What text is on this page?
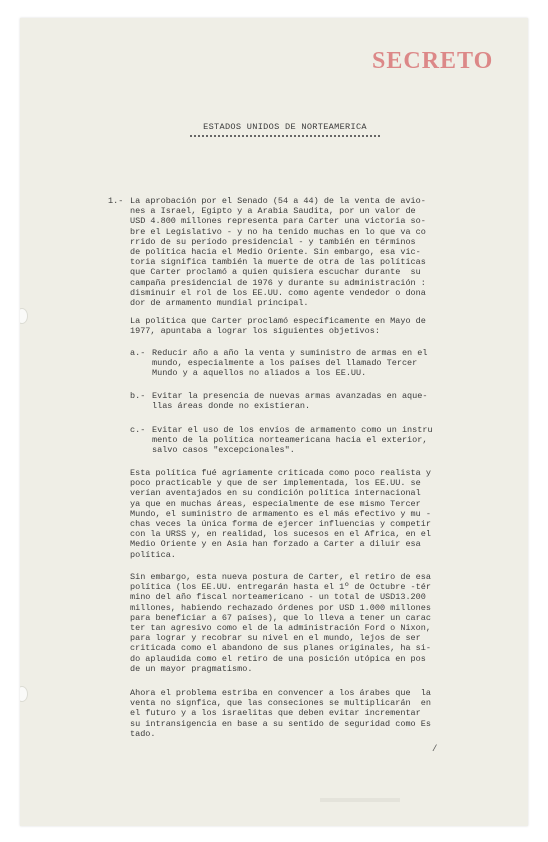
SECRETO
ESTADOS UNIDOS DE NORTEAMERICA
1.- La aprobación por el Senado (54 a 44) de la venta de avio-
nes a Israel, Egipto y a Arabia Saudita, por un valor de
USD 4.800 millones representa para Carter una victoria so-
bre el Legislativo - y no ha tenido muchas en lo que va co
rrido de su período presidencial - y también en términos
de política hacia el Medio Oriente. Sin embargo, esa vic-
toria significa también la muerte de otra de las políticas
que Carter proclamó a quien quisiera escuchar durante  su
campaña presidencial de 1976 y durante su administración :
disminuir el rol de los EE.UU. como agente vendedor o dona
dor de armamento mundial principal.
La política que Carter proclamó específicamente en Mayo de
1977, apuntaba a lograr los siguientes objetivos:
a.- Reducir año a año la venta y suministro de armas en el
mundo, especialmente a los países del llamado Tercer
Mundo y a aquellos no aliados a los EE.UU.
b.- Evitar la presencia de nuevas armas avanzadas en aque-
llas áreas donde no existieran.
c.- Evitar el uso de los envíos de armamento como un instru
mento de la política norteamericana hacia el exterior,
salvo casos "excepcionales".
Esta política fué agriamente criticada como poco realista y
poco practicable y que de ser implementada, los EE.UU. se
verían aventajados en su condición política internacional
ya que en muchas áreas, especialmente de ese mismo Tercer
Mundo, el suministro de armamento es el más efectivo y mu -
chas veces la única forma de ejercer influencias y competir
con la URSS y, en realidad, los sucesos en el Africa, en el
Medio Oriente y en Asia han forzado a Carter a diluir esa
política.
Sin embargo, esta nueva postura de Carter, el retiro de esa
política (los EE.UU. entregarán hasta el 1º de Octubre -tér
mino del año fiscal norteamericano - un total de USD13.200
millones, habiendo rechazado órdenes por USD 1.000 millones
para beneficiar a 67 países), que lo lleva a tener un carac
ter tan agresivo como el de la administración Ford o Nixon,
para lograr y recobrar su nivel en el mundo, lejos de ser
criticada como el abandono de sus planes originales, ha si-
do aplaudida como el retiro de una posición utópica en pos
de un mayor pragmatismo.
Ahora el problema estriba en convencer a los árabes que  la
venta no signfica, que las conseciones se multiplicarán  en
el futuro y a los israelitas que deben evitar incrementar
su intransigencia en base a su sentido de seguridad como Es
tado.
/
